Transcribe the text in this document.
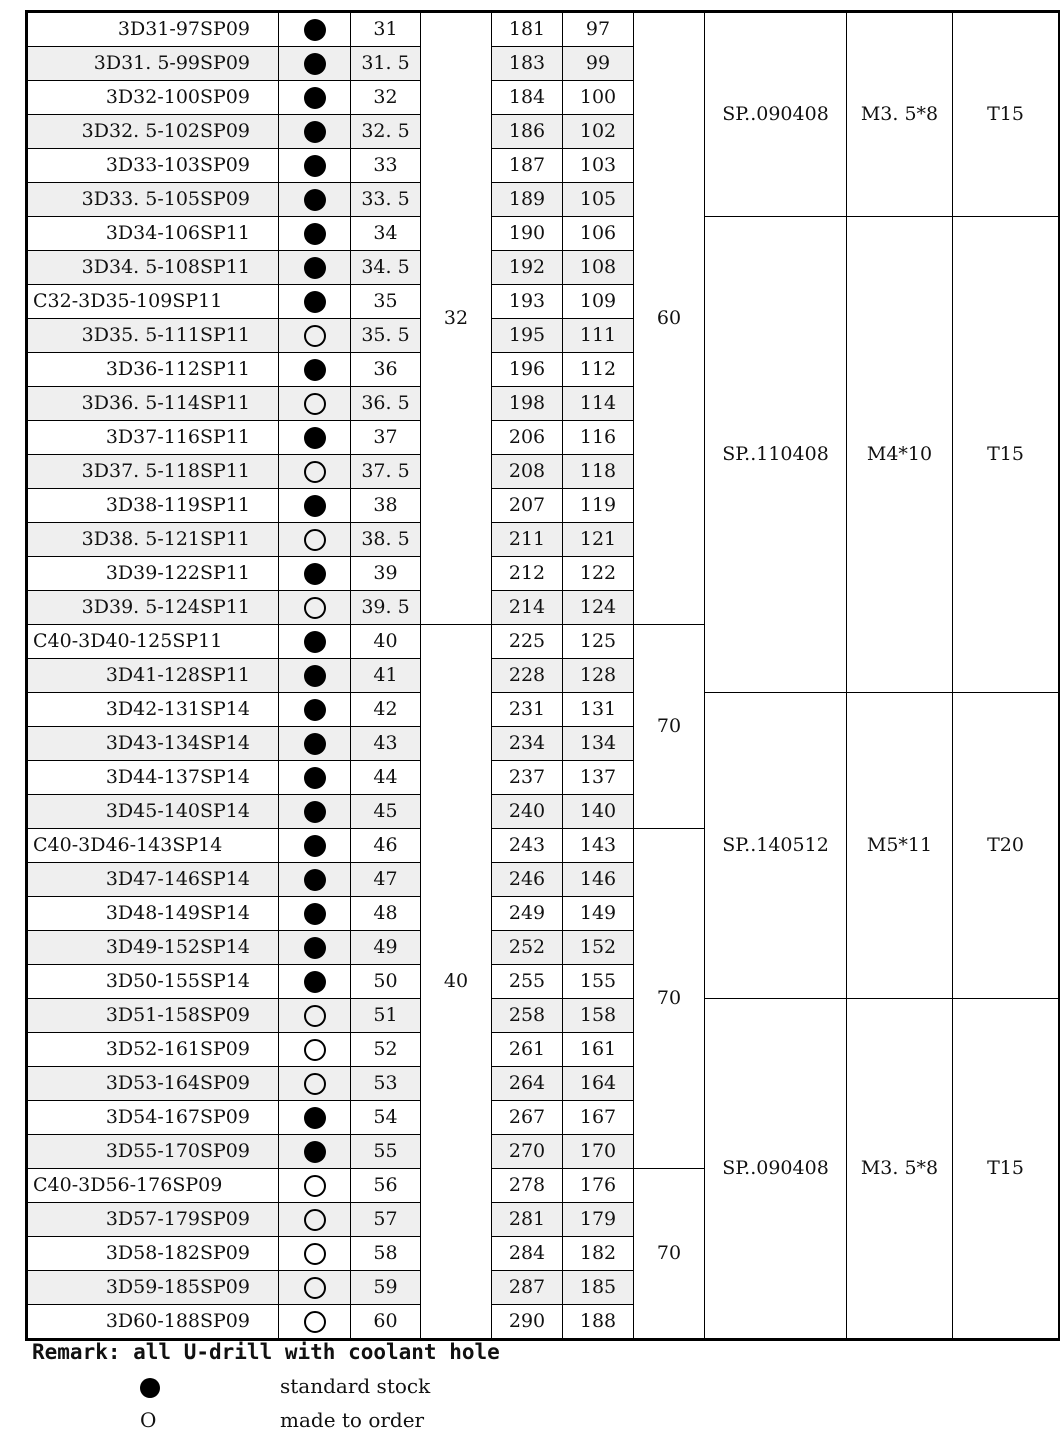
3D31-97SP09		31	32	181	97	60	SP..090408	M3. 5*8	T15
3D31. 5-99SP09		31. 5		183	99				
3D32-100SP09		32		184	100				
3D32. 5-102SP09		32. 5		186	102				
3D33-103SP09		33		187	103				
3D33. 5-105SP09		33. 5		189	105				
3D34-106SP11		34		190	106		SP..110408	M4*10	T15
3D34. 5-108SP11		34. 5		192	108				
C32-3D35-109SP11		35		193	109				
3D35. 5-111SP11		35. 5		195	111				
3D36-112SP11		36		196	112				
3D36. 5-114SP11		36. 5		198	114				
3D37-116SP11		37		206	116				
3D37. 5-118SP11		37. 5		208	118				
3D38-119SP11		38		207	119				
3D38. 5-121SP11		38. 5		211	121				
3D39-122SP11		39		212	122				
3D39. 5-124SP11		39. 5		214	124				
C40-3D40-125SP11		40	40	225	125	70			
3D41-128SP11		41		228	128				
3D42-131SP14		42		231	131		SP..140512	M5*11	T20
3D43-134SP14		43		234	134				
3D44-137SP14		44		237	137				
3D45-140SP14		45		240	140				
C40-3D46-143SP14		46		243	143	70			
3D47-146SP14		47		246	146				
3D48-149SP14		48		249	149				
3D49-152SP14		49		252	152				
3D50-155SP14		50		255	155				
3D51-158SP09		51		258	158		SP..090408	M3. 5*8	T15
3D52-161SP09		52		261	161				
3D53-164SP09		53		264	164				
3D54-167SP09		54		267	167				
3D55-170SP09		55		270	170				
C40-3D56-176SP09		56		278	176	70			
3D57-179SP09		57		281	179				
3D58-182SP09		58		284	182				
3D59-185SP09		59		287	185				
3D60-188SP09		60		290	188				
Remark: all U-drill with coolant hole
standard stock
O	made to order
